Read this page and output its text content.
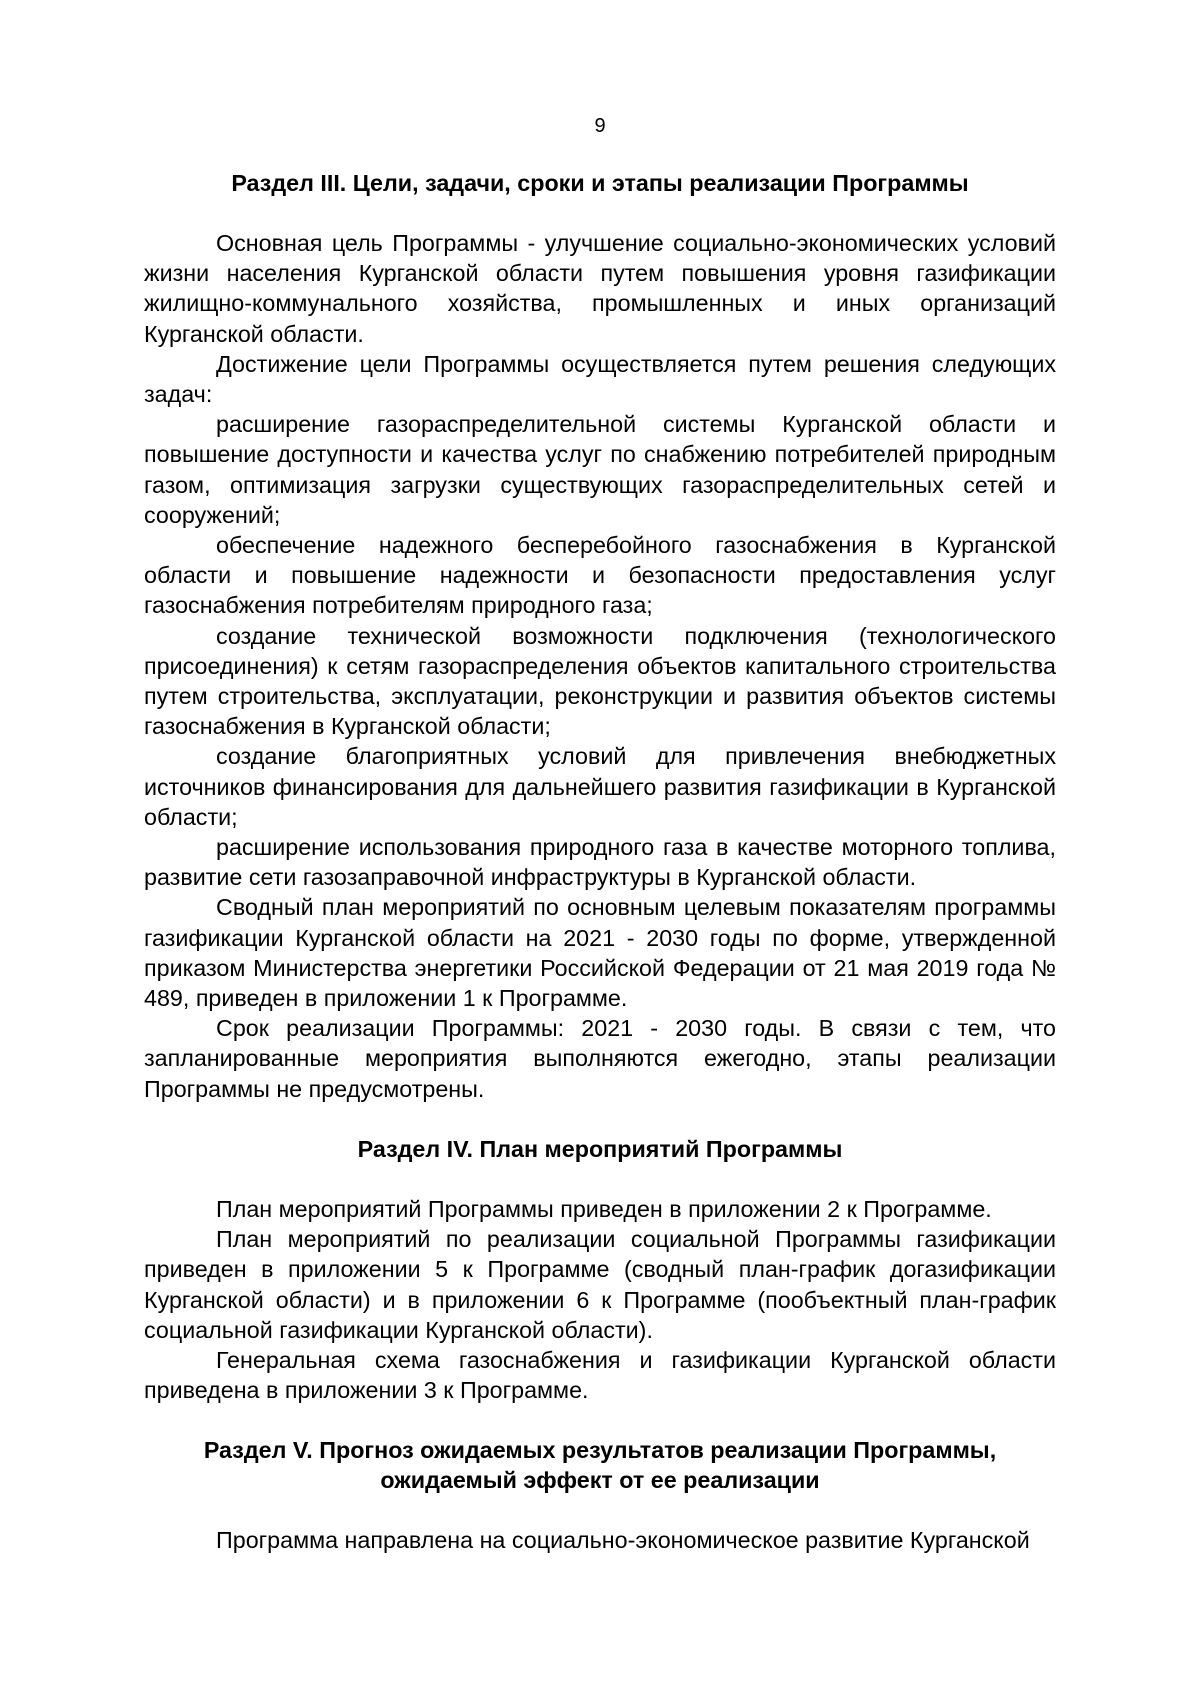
9
Раздел III. Цели, задачи, сроки и этапы реализации Программы

Основная цель Программы - улучшение социально-экономических условий жизни населения Курганской области путем повышения уровня газификации жилищно-коммунального хозяйства, промышленных и иных организаций Курганской области.

Достижение цели Программы осуществляется путем решения следующих задач:

расширение газораспределительной системы Курганской области и повышение доступности и качества услуг по снабжению потребителей природным газом, оптимизация загрузки существующих газораспределительных сетей и сооружений;

обеспечение надежного бесперебойного газоснабжения в Курганской области и повышение надежности и безопасности предоставления услуг газоснабжения потребителям природного газа;

создание технической возможности подключения (технологического присоединения) к сетям газораспределения объектов капитального строительства путем строительства, эксплуатации, реконструкции и развития объектов системы газоснабжения в Курганской области;

создание благоприятных условий для привлечения внебюджетных источников финансирования для дальнейшего развития газификации в Курганской области;

расширение использования природного газа в качестве моторного топлива, развитие сети газозаправочной инфраструктуры в Курганской области.

Сводный план мероприятий по основным целевым показателям программы газификации Курганской области на 2021 - 2030 годы по форме, утвержденной приказом Министерства энергетики Российской Федерации от 21 мая 2019 года № 489, приведен в приложении 1 к Программе.

Срок реализации Программы: 2021 - 2030 годы. В связи с тем, что запланированные мероприятия выполняются ежегодно, этапы реализации Программы не предусмотрены.

Раздел IV. План мероприятий Программы

План мероприятий Программы приведен в приложении 2 к Программе.

План мероприятий по реализации социальной Программы газификации приведен в приложении 5 к Программе (сводный план-график догазификации Курганской области) и в приложении 6 к Программе (пообъектный план-график социальной газификации Курганской области).

Генеральная схема газоснабжения и газификации Курганской области приведена в приложении 3 к Программе.

Раздел V. Прогноз ожидаемых результатов реализации Программы,
ожидаемый эффект от ее реализации

Программа направлена на социально-экономическое развитие Курганской
